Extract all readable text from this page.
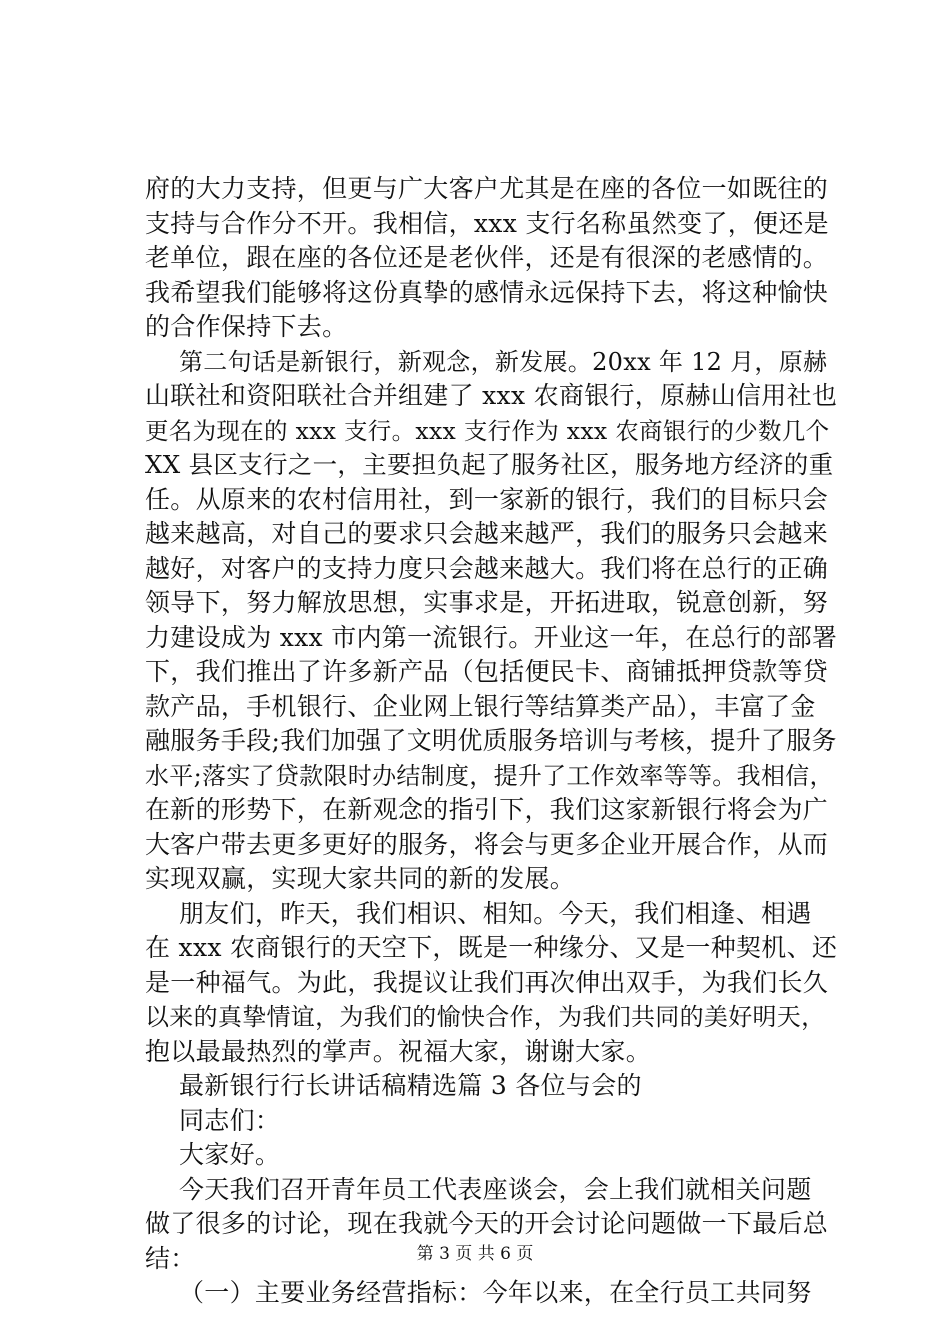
府的大力支持，但更与广大客户尤其是在座的各位一如既往的
支持与合作分不开。我相信，xxx 支行名称虽然变了，便还是
老单位，跟在座的各位还是老伙伴，还是有很深的老感情的。
我希望我们能够将这份真挚的感情永远保持下去，将这种愉快
的合作保持下去。
第二句话是新银行，新观念，新发展。20xx 年 12 月，原赫
山联社和资阳联社合并组建了 xxx 农商银行，原赫山信用社也
更名为现在的 xxx 支行。xxx 支行作为 xxx 农商银行的少数几个
XX 县区支行之一，主要担负起了服务社区，服务地方经济的重
任。从原来的农村信用社，到一家新的银行，我们的目标只会
越来越高，对自己的要求只会越来越严，我们的服务只会越来
越好，对客户的支持力度只会越来越大。我们将在总行的正确
领导下，努力解放思想，实事求是，开拓进取，锐意创新，努
力建设成为 xxx 市内第一流银行。开业这一年，在总行的部署
下，我们推出了许多新产品（包括便民卡、商铺抵押贷款等贷
款产品，手机银行、企业网上银行等结算类产品），丰富了金
融服务手段;我们加强了文明优质服务培训与考核，提升了服务
水平;落实了贷款限时办结制度，提升了工作效率等等。我相信，
在新的形势下，在新观念的指引下，我们这家新银行将会为广
大客户带去更多更好的服务，将会与更多企业开展合作，从而
实现双赢，实现大家共同的新的发展。
朋友们，昨天，我们相识、相知。今天，我们相逢、相遇
在 xxx 农商银行的天空下，既是一种缘分、又是一种契机、还
是一种福气。为此，我提议让我们再次伸出双手，为我们长久
以来的真挚情谊，为我们的愉快合作，为我们共同的美好明天，
抱以最最热烈的掌声。祝福大家，谢谢大家。
最新银行行长讲话稿精选篇 3 各位与会的
同志们：
大家好。
今天我们召开青年员工代表座谈会，会上我们就相关问题
做了很多的讨论，现在我就今天的开会讨论问题做一下最后总
结：
（一）主要业务经营指标：今年以来，在全行员工共同努
第 3 页 共 6 页
